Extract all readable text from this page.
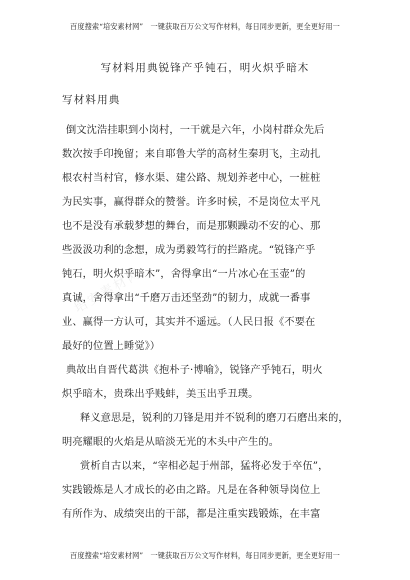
百度搜索“培安素材网”　一键获取百万公文写作材料，每日同步更新，更全更好用一
写材料用典锐锋产乎钝石，明火炽乎暗木
写材料用典
倒文沈浩挂职到小岗村，一干就是六年，小岗村群众先后
数次按手印挽留；来自耶鲁大学的高材生秦玥飞，主动扎
根农村当村官，修水渠、建公路、规划养老中心，一桩桩
为民实事，赢得群众的赞誉。许多时候，不是岗位太平凡
也不是没有承载梦想的舞台，而是那颗躁动不安的心、那
些汲汲功利的念想，成为勇毅笃行的拦路虎。“锐锋产乎
钝石，明火炽乎暗木”，舍得拿出“一片冰心在玉壶”的
真诚，舍得拿出“千磨万击还坚劲”的韧力，成就一番事
业、赢得一方认可，其实并不遥远。（人民日报《不要在
最好的位置上睡觉》）
典故出自晋代葛洪《抱朴子·博喻》，锐锋产乎钝石，明火
炽乎暗木，贵珠出乎贱蚌，美玉出乎丑璞。
释义意思是，锐利的刀锋是用并不锐利的磨刀石磨出来的，
明亮耀眼的火焰是从暗淡无光的木头中产生的。
赏析自古以来，“宰相必起于州部，猛将必发于卒伍”，
实践锻炼是人才成长的必由之路。凡是在各种领导岗位上
有所作为、成绩突出的干部，都是注重实践锻炼，在丰富
培安素材网
百度搜索“培安素材网”　一键获取百万公文写作材料，每日同步更新，更全更好用一
